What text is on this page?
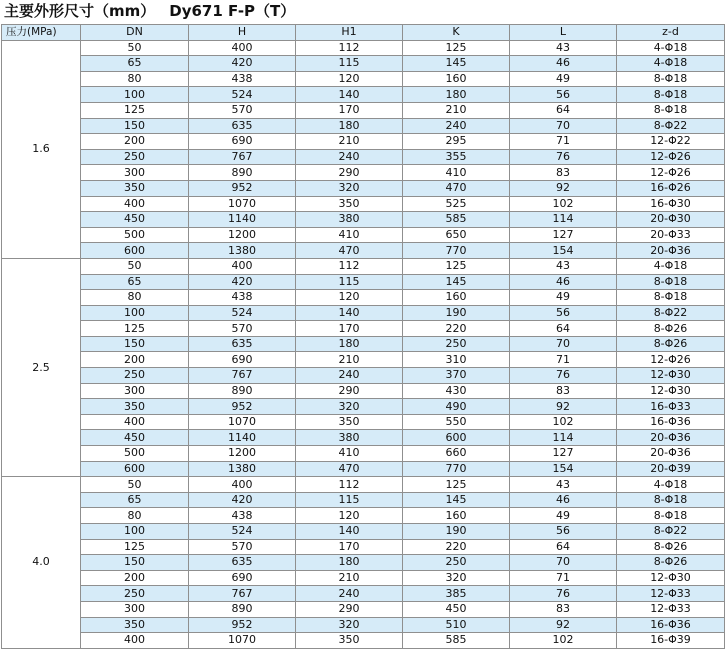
主要外形尺寸（mm） Dy671 F-P（T）
压力(MPa)	DN	H	H1	K	L	z-d
1.6	50	400	112	125	43	4-Φ18
	65	420	115	145	46	4-Φ18
	80	438	120	160	49	8-Φ18
	100	524	140	180	56	8-Φ18
	125	570	170	210	64	8-Φ18
	150	635	180	240	70	8-Φ22
	200	690	210	295	71	12-Φ22
	250	767	240	355	76	12-Φ26
	300	890	290	410	83	12-Φ26
	350	952	320	470	92	16-Φ26
	400	1070	350	525	102	16-Φ30
	450	1140	380	585	114	20-Φ30
	500	1200	410	650	127	20-Φ33
	600	1380	470	770	154	20-Φ36
2.5	50	400	112	125	43	4-Φ18
	65	420	115	145	46	8-Φ18
	80	438	120	160	49	8-Φ18
	100	524	140	190	56	8-Φ22
	125	570	170	220	64	8-Φ26
	150	635	180	250	70	8-Φ26
	200	690	210	310	71	12-Φ26
	250	767	240	370	76	12-Φ30
	300	890	290	430	83	12-Φ30
	350	952	320	490	92	16-Φ33
	400	1070	350	550	102	16-Φ36
	450	1140	380	600	114	20-Φ36
	500	1200	410	660	127	20-Φ36
	600	1380	470	770	154	20-Φ39
4.0	50	400	112	125	43	4-Φ18
	65	420	115	145	46	8-Φ18
	80	438	120	160	49	8-Φ18
	100	524	140	190	56	8-Φ22
	125	570	170	220	64	8-Φ26
	150	635	180	250	70	8-Φ26
	200	690	210	320	71	12-Φ30
	250	767	240	385	76	12-Φ33
	300	890	290	450	83	12-Φ33
	350	952	320	510	92	16-Φ36
	400	1070	350	585	102	16-Φ39
